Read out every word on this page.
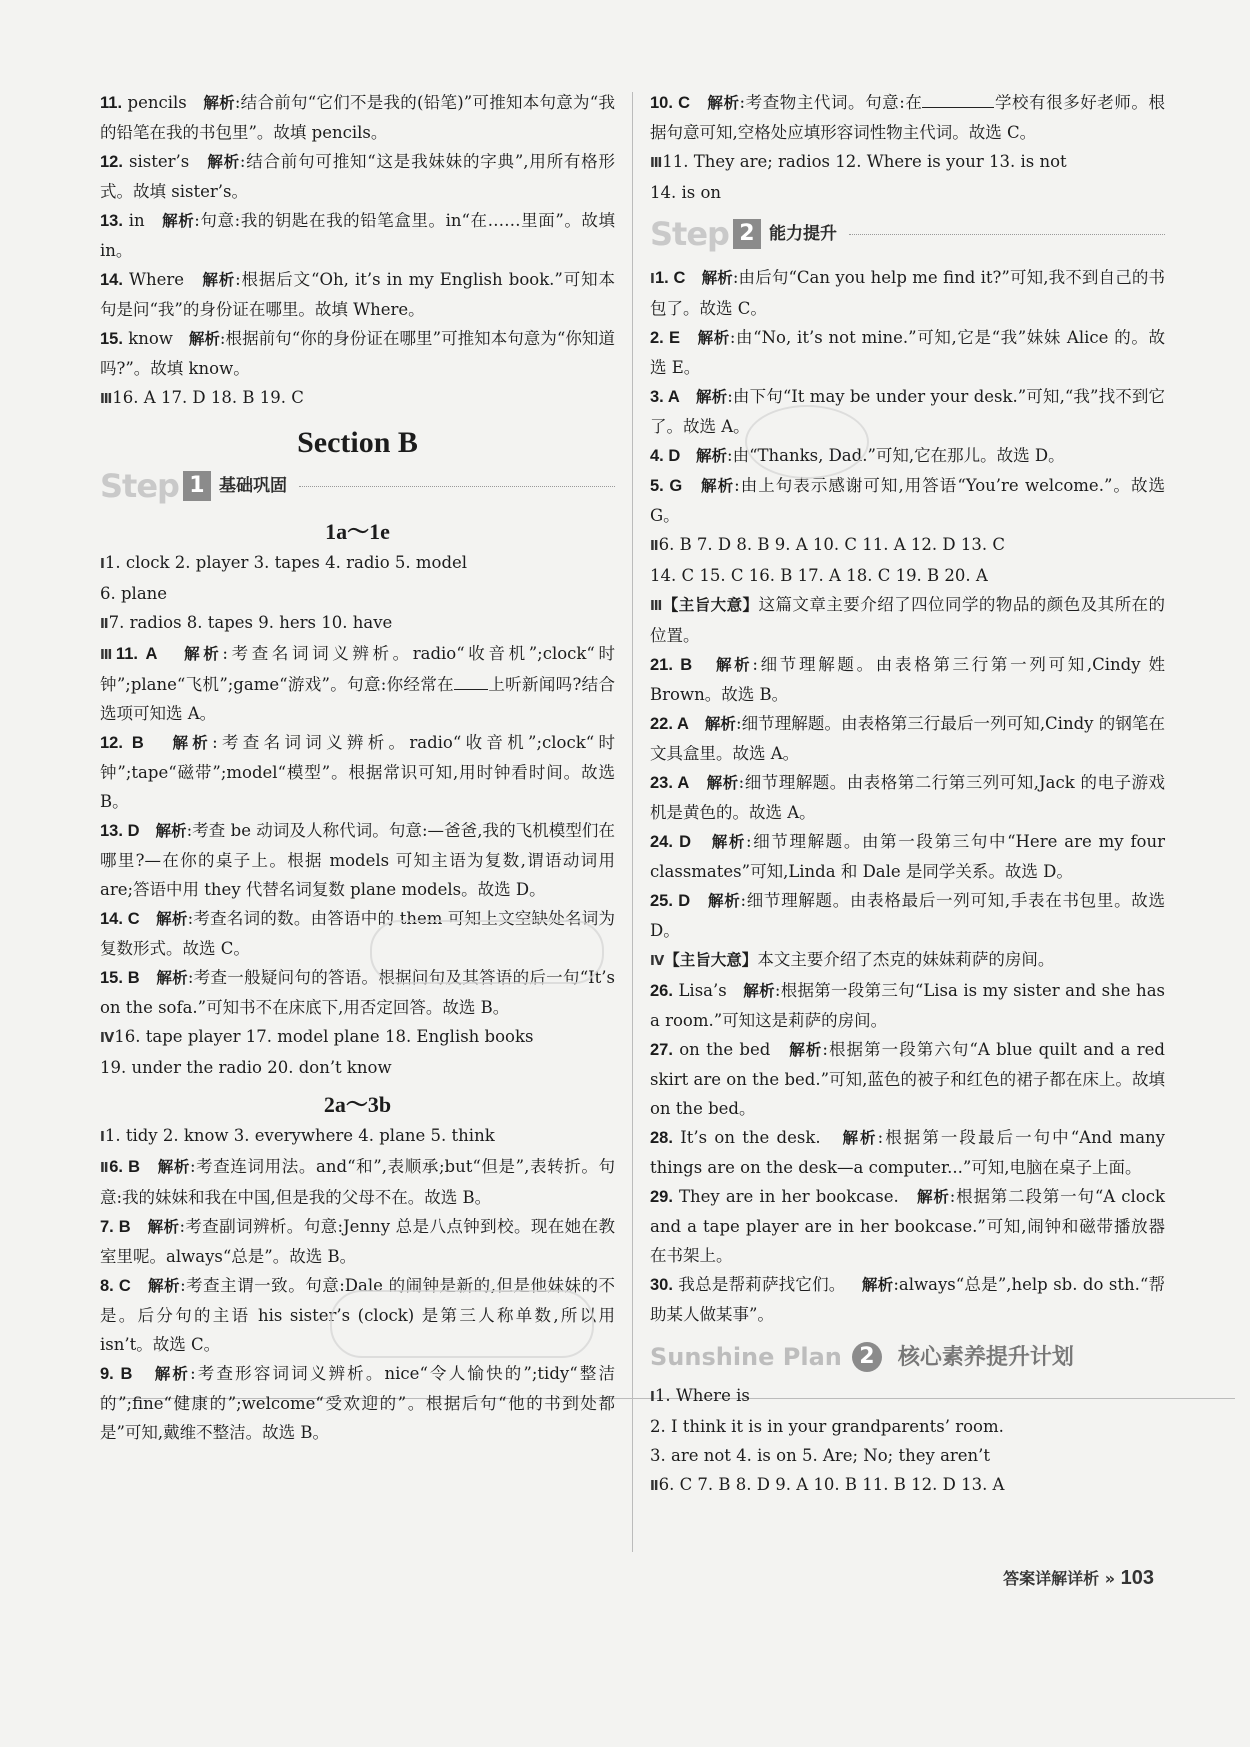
11. pencils 解析:结合前句“它们不是我的(铅笔)”可推知本句意为“我的铅笔在我的书包里”。故填 pencils。

12. sister’s 解析:结合前句可推知“这是我妹妹的字典”,用所有格形式。故填 sister’s。

13. in 解析:句意:我的钥匙在我的铅笔盒里。in“在……里面”。故填 in。

14. Where 解析:根据后文“Oh, it’s in my English book.”可知本句是问“我”的身份证在哪里。故填 Where。

15. know 解析:根据前句“你的身份证在哪里”可推知本句意为“你知道吗?”。故填 know。

Ⅲ16. A 17. D 18. B 19. C

Section B
Step 1 基础巩固
1a～1e

Ⅰ1. clock 2. player 3. tapes 4. radio 5. model

6. plane

Ⅱ7. radios 8. tapes 9. hers 10. have

Ⅲ11. A 解析:考查名词词义辨析。radio“收音机”;clock“时钟”;plane“飞机”;game“游戏”。句意:你经常在 上听新闻吗?结合选项可知选 A。

12. B 解析:考查名词词义辨析。radio“收音机”;clock“时钟”;tape“磁带”;model“模型”。根据常识可知,用时钟看时间。故选 B。

13. D 解析:考查 be 动词及人称代词。句意:—爸爸,我的飞机模型们在哪里?—在你的桌子上。根据 models 可知主语为复数,谓语动词用 are;答语中用 they 代替名词复数 plane models。故选 D。

14. C 解析:考查名词的数。由答语中的 them 可知上文空缺处名词为复数形式。故选 C。

15. B 解析:考查一般疑问句的答语。根据问句及其答语的后一句“It’s on the sofa.”可知书不在床底下,用否定回答。故选 B。

Ⅳ16. tape player 17. model plane 18. English books

19. under the radio 20. don’t know

2a～3b

Ⅰ1. tidy 2. know 3. everywhere 4. plane 5. think

Ⅱ6. B 解析:考查连词用法。and“和”,表顺承;but“但是”,表转折。句意:我的妹妹和我在中国,但是我的父母不在。故选 B。

7. B 解析:考查副词辨析。句意:Jenny 总是八点钟到校。现在她在教室里呢。always“总是”。故选 B。

8. C 解析:考查主谓一致。句意:Dale 的闹钟是新的,但是他妹妹的不是。后分句的主语 his sister’s (clock) 是第三人称单数,所以用 isn’t。故选 C。

9. B 解析:考查形容词词义辨析。nice“令人愉快的”;tidy“整洁的”;fine“健康的”;welcome“受欢迎的”。根据后句“他的书到处都是”可知,戴维不整洁。故选 B。

10. C 解析:考查物主代词。句意:在	学校有很多好老师。根据句意可知,空格处应填形容词性物主代词。故选 C。

Ⅲ11. They are; radios 12. Where is your 13. is not

14. is on

Step 2 能力提升

Ⅰ1. C 解析:由后句“Can you help me find it?”可知,我不到自己的书包了。故选 C。

2. E 解析:由“No, it’s not mine.”可知,它是“我”妹妹 Alice 的。故选 E。

3. A 解析:由下句“It may be under your desk.”可知,“我”找不到它了。故选 A。

4. D 解析:由“Thanks, Dad.”可知,它在那儿。故选 D。

5. G 解析:由上句表示感谢可知,用答语“You’re welcome.”。故选 G。

Ⅱ6. B 7. D 8. B 9. A 10. C 11. A 12. D 13. C

14. C 15. C 16. B 17. A 18. C 19. B 20. A

Ⅲ【主旨大意】这篇文章主要介绍了四位同学的物品的颜色及其所在的位置。

21. B 解析:细节理解题。由表格第三行第一列可知,Cindy 姓 Brown。故选 B。

22. A 解析:细节理解题。由表格第三行最后一列可知,Cindy 的钢笔在文具盒里。故选 A。

23. A 解析:细节理解题。由表格第二行第三列可知,Jack 的电子游戏机是黄色的。故选 A。

24. D 解析:细节理解题。由第一段第三句中“Here are my four classmates”可知,Linda 和 Dale 是同学关系。故选 D。

25. D 解析:细节理解题。由表格最后一列可知,手表在书包里。故选 D。

Ⅳ【主旨大意】本文主要介绍了杰克的妹妹莉萨的房间。

26. Lisa’s 解析:根据第一段第三句“Lisa is my sister and she has a room.”可知这是莉萨的房间。

27. on the bed 解析:根据第一段第六句“A blue quilt and a red skirt are on the bed.”可知,蓝色的被子和红色的裙子都在床上。故填 on the bed。

28. It’s on the desk. 解析:根据第一段最后一句中“And many things are on the desk—a computer...”可知,电脑在桌子上面。

29. They are in her bookcase. 解析:根据第二段第一句“A clock and a tape player are in her bookcase.”可知,闹钟和磁带播放器在书架上。

30. 我总是帮莉萨找它们。 解析:always“总是”,help sb. do sth.“帮助某人做某事”。

Sunshine Plan 2	核心素养提升计划

Ⅰ1. Where is

2. I think it is in your grandparents’ room.

3. are not 4. is on 5. Are; No; they aren’t

Ⅱ6. C 7. B 8. D 9. A 10. B 11. B 12. D 13. A

答案详解详析 » 103
